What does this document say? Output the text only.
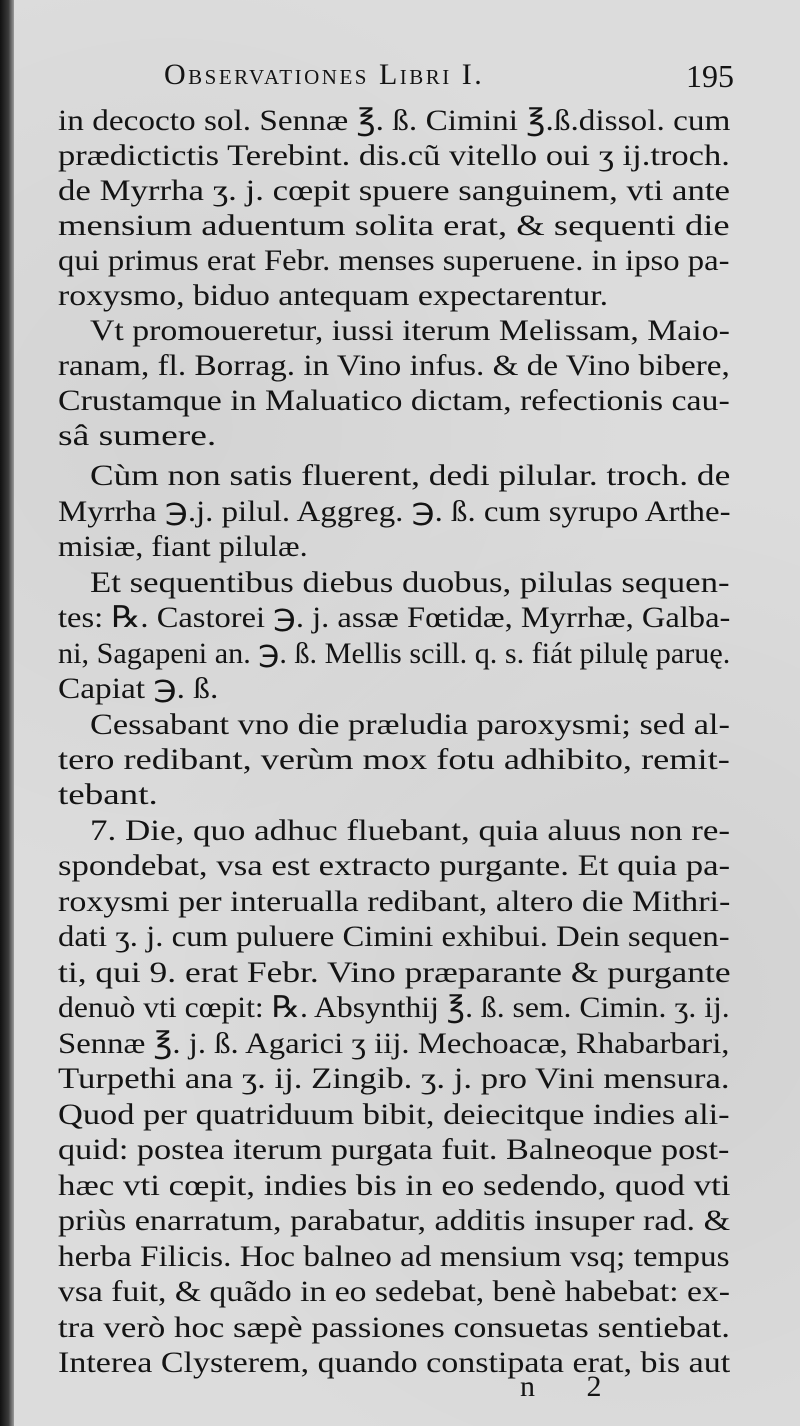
Observationes Libri I.	195
in decocto sol. Sennæ ℥. ß. Cimini ℥.ß.dissol. cum
prædictictis Terebint. dis.cũ vitello oui ʒ ij.troch.
de Myrrha ʒ. j. cœpit spuere sanguinem, vti ante
mensium aduentum solita erat, & sequenti die
qui primus erat Febr. menses superuene. in ipso pa-
roxysmo, biduo antequam expectarentur.
Vt promoueretur, iussi iterum Melissam, Maio-
ranam, fl. Borrag. in Vino infus. & de Vino bibere,
Crustamque in Maluatico dictam, refectionis cau-
sâ sumere.
Cùm non satis fluerent, dedi pilular. troch. de
Myrrha ℈.j. pilul. Aggreg. ℈. ß. cum syrupo Arthe-
misiæ, fiant pilulæ.
Et sequentibus diebus duobus, pilulas sequen-
tes: ℞. Castorei ℈. j. assæ Fœtidæ, Myrrhæ, Galba-
ni, Sagapeni an. ℈. ß. Mellis scill. q. s. fiát pilulę paruę.
Capiat ℈. ß.
Cessabant vno die præludia paroxysmi; sed al-
tero redibant, verùm mox fotu adhibito, remit-
tebant.
7. Die, quo adhuc fluebant, quia aluus non re-
spondebat, vsa est extracto purgante. Et quia pa-
roxysmi per interualla redibant, altero die Mithri-
dati ʒ. j. cum puluere Cimini exhibui. Dein sequen-
ti, qui 9. erat Febr. Vino præparante & purgante
denuò vti cœpit: ℞. Absynthij ℥. ß. sem. Cimin. ʒ. ij.
Sennæ ℥. j. ß. Agarici ʒ iij. Mechoacæ, Rhabarbari,
Turpethi ana ʒ. ij. Zingib. ʒ. j. pro Vini mensura.
Quod per quatriduum bibit, deiecitque indies ali-
quid: postea iterum purgata fuit. Balneoque post-
hæc vti cœpit, indies bis in eo sedendo, quod vti
priùs enarratum, parabatur, additis insuper rad. &
herba Filicis. Hoc balneo ad mensium vsq; tempus
vsa fuit, & quãdo in eo sedebat, benè habebat: ex-
tra verò hoc sæpè passiones consuetas sentiebat.
Interea Clysterem, quando constipata erat, bis aut
n 2
